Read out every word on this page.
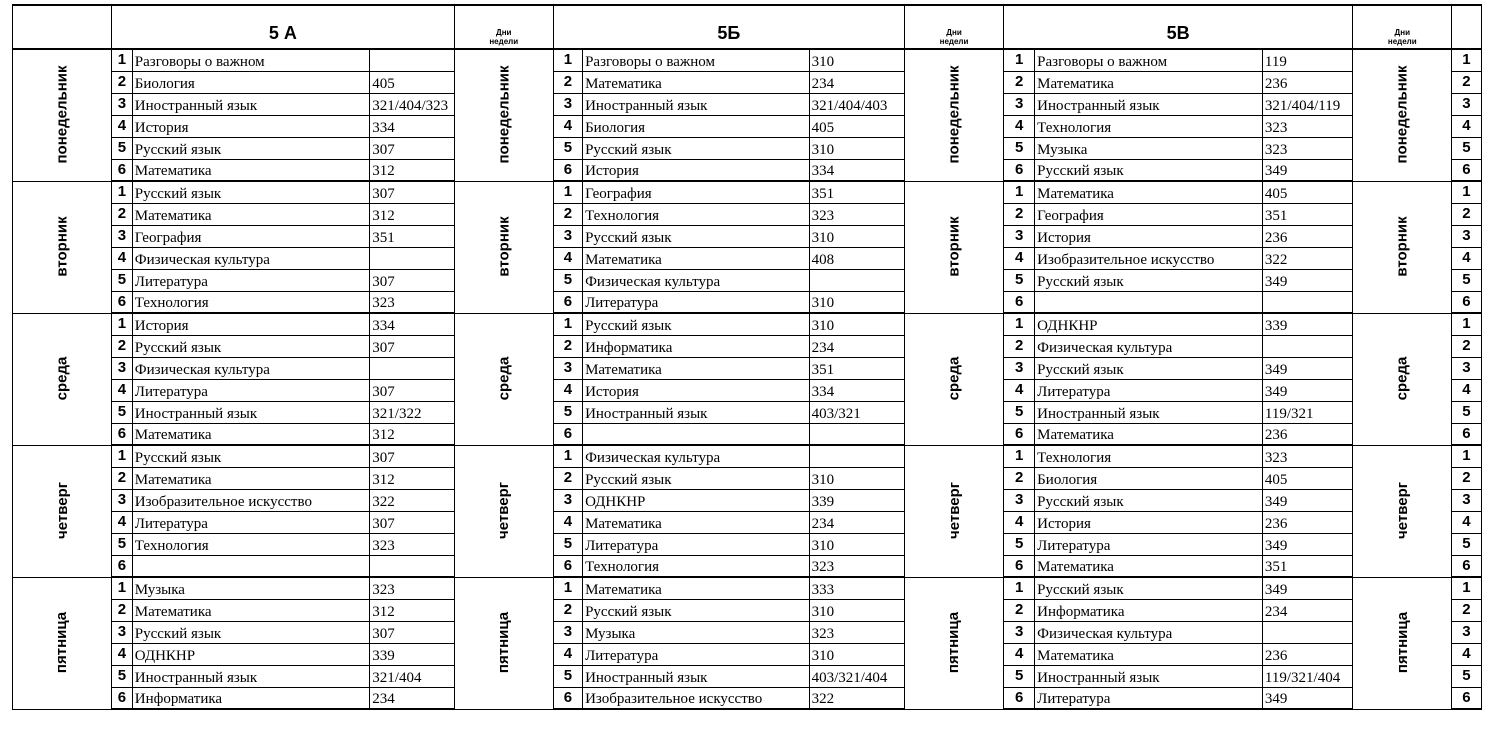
	5 А			Дни
недели	5Б			Дни
недели	5В			Дни
недели	
понедельник	1	Разговоры о важном		понедельник	1	Разговоры о важном	310	понедельник	1	Разговоры о важном	119	понедельник	1
	2	Биология	405		2	Математика	234		2	Математика	236		2
	3	Иностранный язык	321/404/323		3	Иностранный язык	321/404/403		3	Иностранный язык	321/404/119		3
	4	История	334		4	Биология	405		4	Технология	323		4
	5	Русский язык	307		5	Русский язык	310		5	Музыка	323		5
	6	Математика	312		6	История	334		6	Русский язык	349		6
вторник	1	Русский язык	307	вторник	1	География	351	вторник	1	Математика	405	вторник	1
	2	Математика	312		2	Технология	323		2	География	351		2
	3	География	351		3	Русский язык	310		3	История	236		3
	4	Физическая культура			4	Математика	408		4	Изобразительное искусство	322		4
	5	Литература	307		5	Физическая культура			5	Русский язык	349		5
	6	Технология	323		6	Литература	310		6				6
среда	1	История	334	среда	1	Русский язык	310	среда	1	ОДНКНР	339	среда	1
	2	Русский язык	307		2	Информатика	234		2	Физическая культура			2
	3	Физическая культура			3	Математика	351		3	Русский язык	349		3
	4	Литература	307		4	История	334		4	Литература	349		4
	5	Иностранный язык	321/322		5	Иностранный язык	403/321		5	Иностранный язык	119/321		5
	6	Математика	312		6				6	Математика	236		6
четверг	1	Русский язык	307	четверг	1	Физическая культура		четверг	1	Технология	323	четверг	1
	2	Математика	312		2	Русский язык	310		2	Биология	405		2
	3	Изобразительное искусство	322		3	ОДНКНР	339		3	Русский язык	349		3
	4	Литература	307		4	Математика	234		4	История	236		4
	5	Технология	323		5	Литература	310		5	Литература	349		5
	6				6	Технология	323		6	Математика	351		6
пятница	1	Музыка	323	пятница	1	Математика	333	пятница	1	Русский язык	349	пятница	1
	2	Математика	312		2	Русский язык	310		2	Информатика	234		2
	3	Русский язык	307		3	Музыка	323		3	Физическая культура			3
	4	ОДНКНР	339		4	Литература	310		4	Математика	236		4
	5	Иностранный язык	321/404		5	Иностранный язык	403/321/404		5	Иностранный язык	119/321/404		5
	6	Информатика	234		6	Изобразительное искусство	322		6	Литература	349		6
